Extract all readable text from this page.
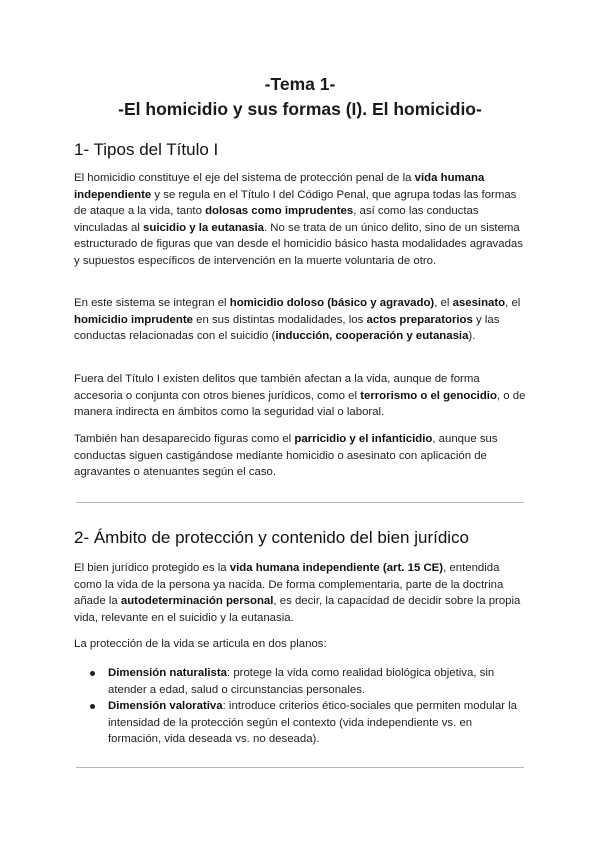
-Tema 1-

-El homicidio y sus formas (I). El homicidio-

1- Tipos del Título I

El homicidio constituye el eje del sistema de protección penal de la vida humana independiente y se regula en el Título I del Código Penal, que agrupa todas las formas de ataque a la vida, tanto dolosas como imprudentes, así como las conductas vinculadas al suicidio y la eutanasia. No se trata de un único delito, sino de un sistema estructurado de figuras que van desde el homicidio básico hasta modalidades agravadas y supuestos específicos de intervención en la muerte voluntaria de otro.

En este sistema se integran el homicidio doloso (básico y agravado), el asesinato, el homicidio imprudente en sus distintas modalidades, los actos preparatorios y las conductas relacionadas con el suicidio (inducción, cooperación y eutanasia).

Fuera del Título I existen delitos que también afectan a la vida, aunque de forma accesoria o conjunta con otros bienes jurídicos, como el terrorismo o el genocidio, o de manera indirecta en ámbitos como la seguridad vial o laboral.

También han desaparecido figuras como el parricidio y el infanticidio, aunque sus conductas siguen castigándose mediante homicidio o asesinato con aplicación de agravantes o atenuantes según el caso.

2- Ámbito de protección y contenido del bien jurídico

El bien jurídico protegido es la vida humana independiente (art. 15 CE), entendida como la vida de la persona ya nacida. De forma complementaria, parte de la doctrina añade la autodeterminación personal, es decir, la capacidad de decidir sobre la propia vida, relevante en el suicidio y la eutanasia.

La protección de la vida se articula en dos planos:

Dimensión naturalista: protege la vida como realidad biológica objetiva, sin atender a edad, salud o circunstancias personales.
Dimensión valorativa: introduce criterios ético-sociales que permiten modular la intensidad de la protección según el contexto (vida independiente vs. en formación, vida deseada vs. no deseada).
